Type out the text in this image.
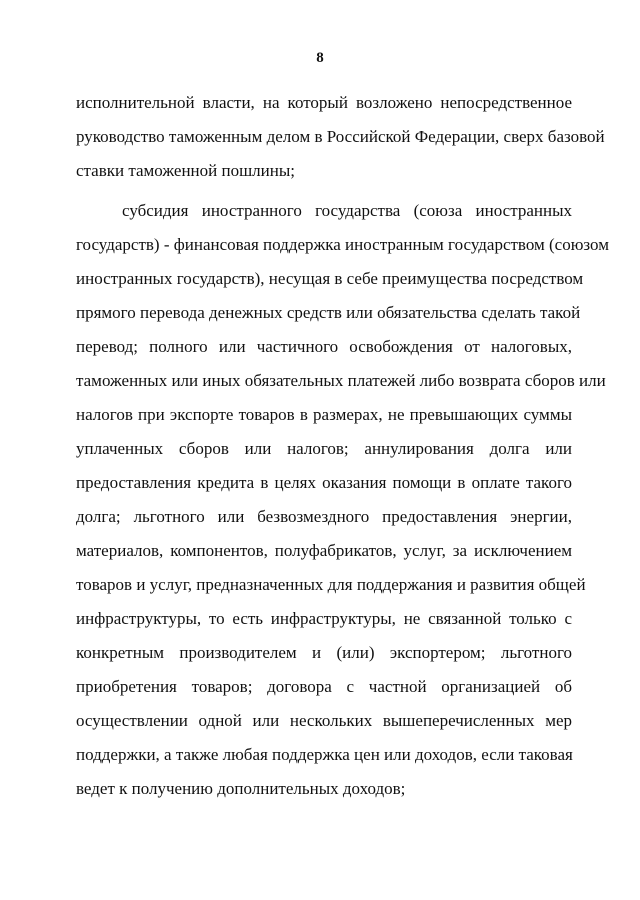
8
исполнительной власти, на который возложено непосредственное
руководство таможенным делом в Российской Федерации, сверх базовой
ставки таможенной пошлины;
субсидия иностранного государства (союза иностранных
государств) - финансовая поддержка иностранным государством (союзом
иностранных государств), несущая в себе преимущества посредством
прямого перевода денежных средств или обязательства сделать такой
перевод; полного или частичного освобождения от налоговых,
таможенных или иных обязательных платежей либо возврата сборов или
налогов при экспорте товаров в размерах, не превышающих суммы
уплаченных сборов или налогов; аннулирования долга или
предоставления кредита в целях оказания помощи в оплате такого
долга; льготного или безвозмездного предоставления энергии,
материалов, компонентов, полуфабрикатов, услуг, за исключением
товаров и услуг, предназначенных для поддержания и развития общей
инфраструктуры, то есть инфраструктуры, не связанной только с
конкретным производителем и (или) экспортером; льготного
приобретения товаров; договора с частной организацией об
осуществлении одной или нескольких вышеперечисленных мер
поддержки, а также любая поддержка цен или доходов, если таковая
ведет к получению дополнительных доходов;
